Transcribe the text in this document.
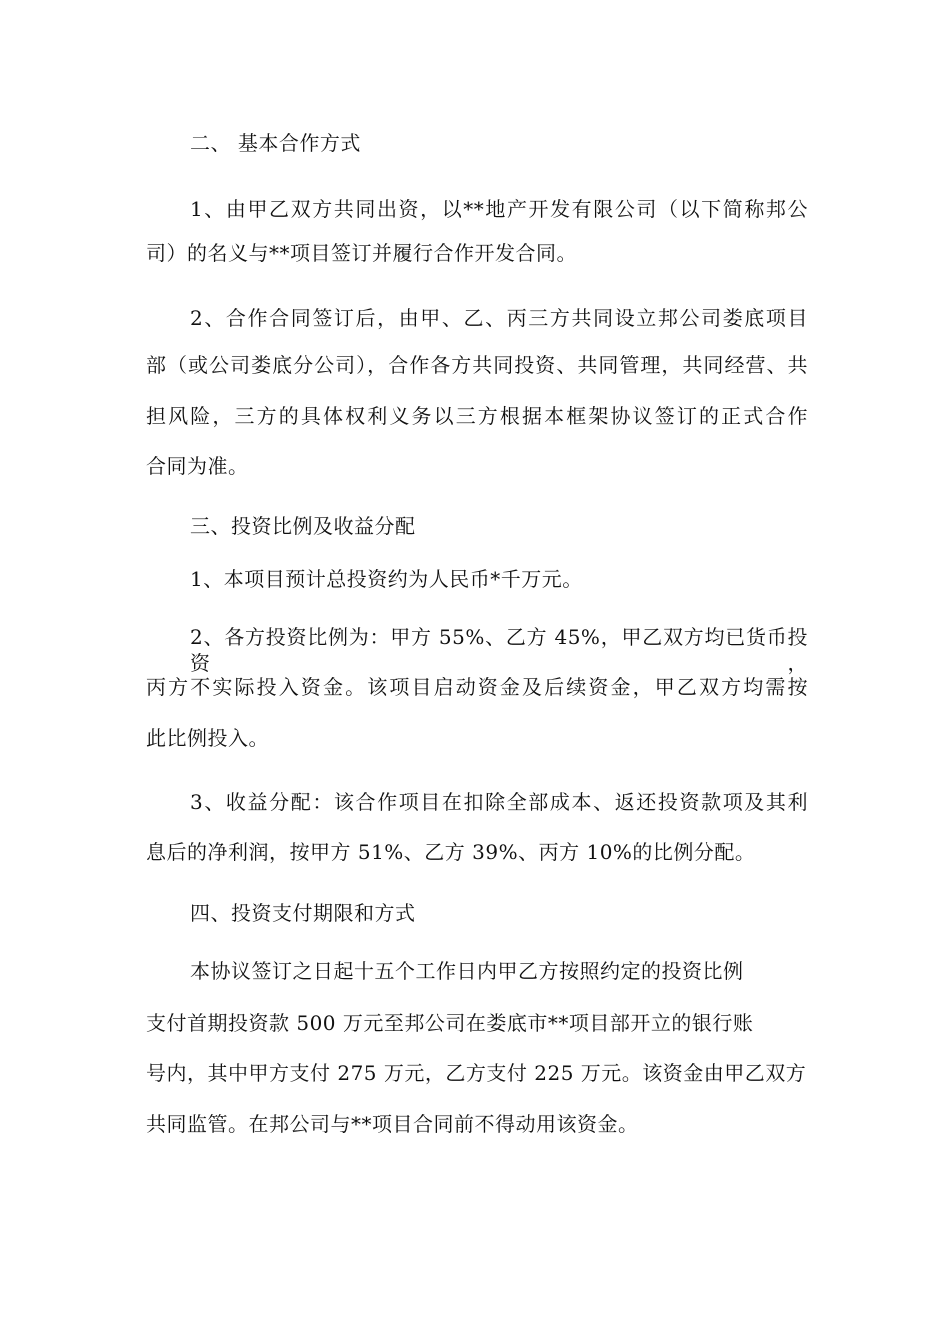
二、 基本合作方式
1、由甲乙双方共同出资，以**地产开发有限公司（以下简称邦公
司）的名义与**项目签订并履行合作开发合同。
2、合作合同签订后，由甲、乙、丙三方共同设立邦公司娄底项目
部（或公司娄底分公司），合作各方共同投资、共同管理，共同经营、共
担风险，三方的具体权利义务以三方根据本框架协议签订的正式合作
合同为准。
三、投资比例及收益分配
1、本项目预计总投资约为人民币*千万元。
2、各方投资比例为：甲方 55%、乙方 45%，甲乙双方均已货币投资，
丙方不实际投入资金。该项目启动资金及后续资金，甲乙双方均需按
此比例投入。
3、收益分配：该合作项目在扣除全部成本、返还投资款项及其利
息后的净利润，按甲方 51%、乙方 39%、丙方 10%的比例分配。
四、投资支付期限和方式
本协议签订之日起十五个工作日内甲乙方按照约定的投资比例
支付首期投资款 500 万元至邦公司在娄底市**项目部开立的银行账
号内，其中甲方支付 275 万元，乙方支付 225 万元。该资金由甲乙双方
共同监管。在邦公司与**项目合同前不得动用该资金。
